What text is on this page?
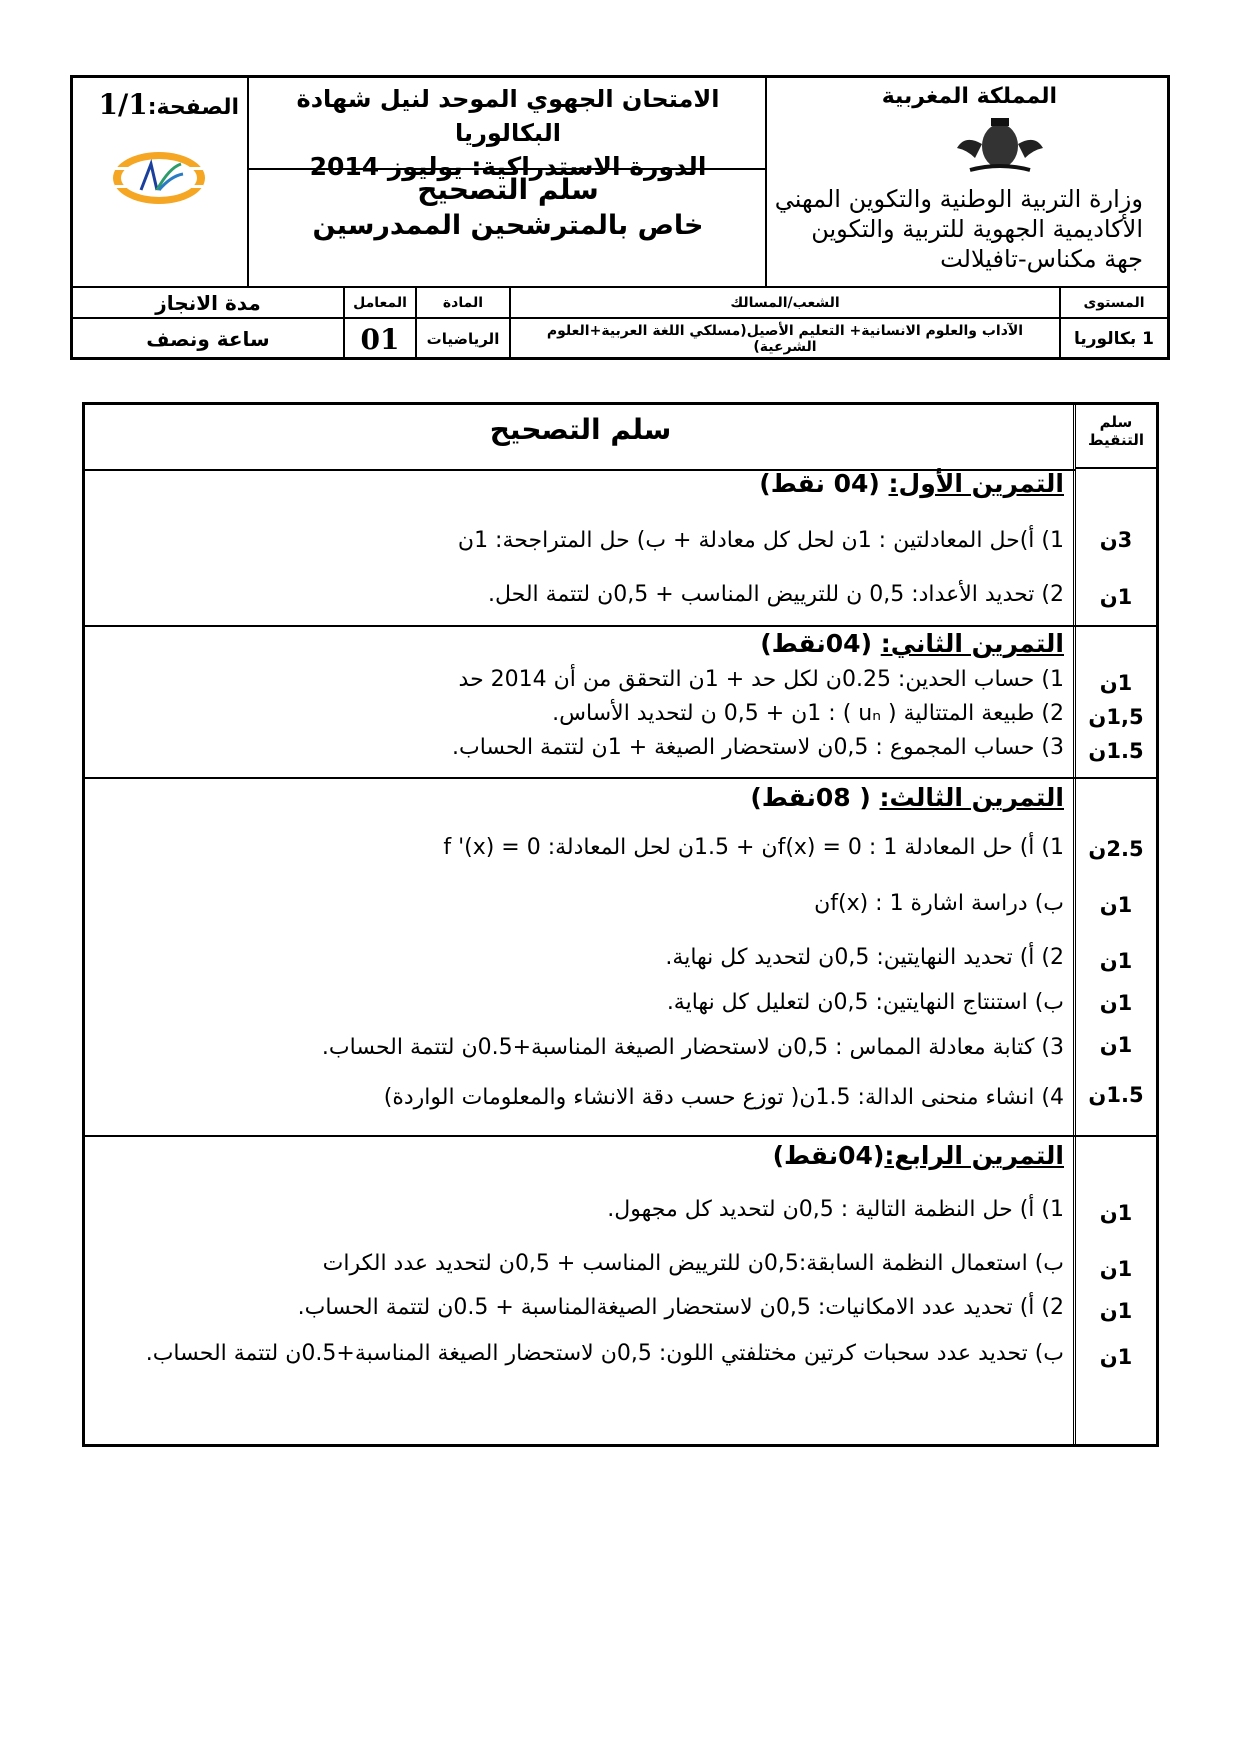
المملكة المغربية
وزارة التربية الوطنية والتكوين المهني
الأكاديمية الجهوية للتربية والتكوين
جهة مكناس-تافيلالت
الامتحان الجهوي الموحد لنيل شهادة البكالوريا
الدورة الاستدراكية: يوليوز 2014
سلم التصحيح
خاص بالمترشحين الممدرسين
الصفحة:1/1
المستوى	الشعب/المسالك	المادة	المعامل	مدة الانجاز
1 بكالوريا	الآداب والعلوم الانسانية+ التعليم الأصيل(مسلكي اللغة العربية+العلوم الشرعية)	الرياضيات	01	ساعة ونصف
سلم
التنقيط
سلم التصحيح
التمرين الأول: (04 نقط)
1) أ)حل المعادلتين : 1ن لحل كل معادلة + ب) حل المتراجحة: 1ن	3ن
2) تحديد الأعداد: 0,5 ن للترييض المناسب + 0,5ن لتتمة الحل.	1ن
التمرين الثاني: (04نقط)
1) حساب الحدين: 0.25ن لكل حد + 1ن التحقق من أن 2014 حد	1ن
2) طبيعة المتتالية ( uₙ ) : 1ن + 0,5 ن لتحديد الأساس.	1,5ن
3) حساب المجموع : 0,5ن لاستحضار الصيغة + 1ن لتتمة الحساب.	1.5ن
التمرين الثالث: ( 08نقط)
1) أ) حل المعادلة f(x) = 0 : 1ن + 1.5ن لحل المعادلة: f '(x) = 0	2.5ن
ب) دراسة اشارة f(x) : 1ن	1ن
2) أ) تحديد النهايتين: 0,5ن لتحديد كل نهاية.	1ن
ب) استنتاج النهايتين: 0,5ن لتعليل كل نهاية.	1ن
3) كتابة معادلة المماس : 0,5ن لاستحضار الصيغة المناسبة+0.5ن لتتمة الحساب.	1ن
4) انشاء منحنى الدالة: 1.5ن( توزع حسب دقة الانشاء والمعلومات الواردة)	1.5ن
التمرين الرابع:(04نقط)
1) أ) حل النظمة التالية : 0,5ن لتحديد كل مجهول.	1ن
ب) استعمال النظمة السابقة:0,5ن للترييض المناسب + 0,5ن لتحديد عدد الكرات	1ن
2) أ) تحديد عدد الامكانيات: 0,5ن لاستحضار الصيغةالمناسبة + 0.5ن لتتمة الحساب.	1ن
ب) تحديد عدد سحبات كرتين مختلفتي اللون: 0,5ن لاستحضار الصيغة المناسبة+0.5ن لتتمة الحساب.	1ن
